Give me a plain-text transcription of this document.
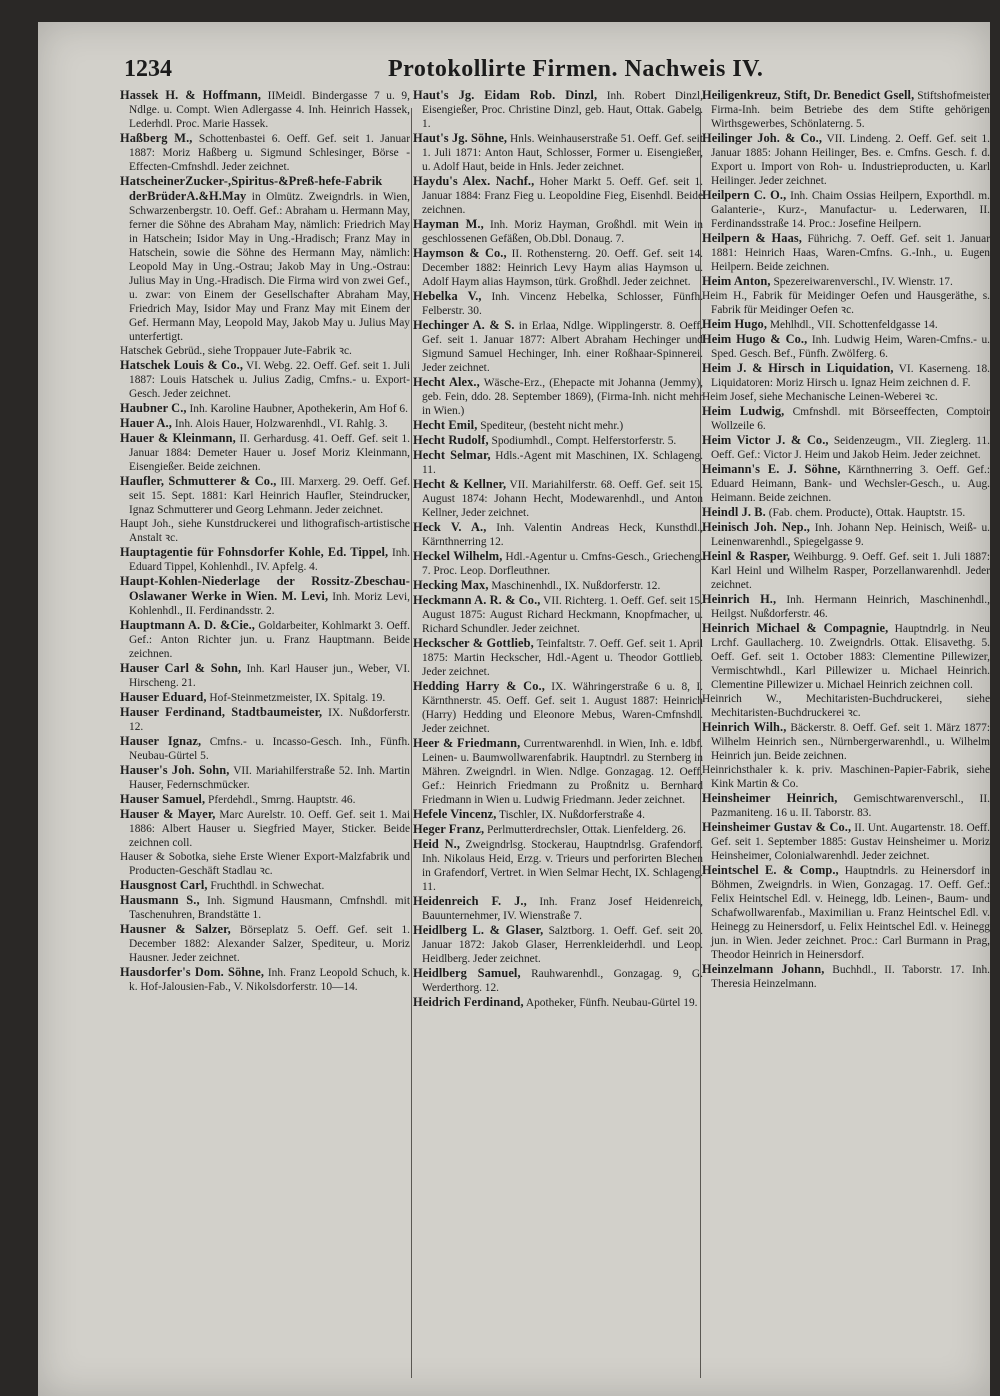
1234	Protokollirte Firmen. Nachweis IV.

Hassek H. & Hoffmann, IIMeidl. Bindergasse 7 u. 9, Ndlge. u. Compt. Wien Adlergasse 4. Inh. Heinrich Hassek, Lederhdl. Proc. Marie Hassek.

Haßberg M., Schottenbastei 6. Oeff. Gef. seit 1. Januar 1887: Moriz Haßberg u. Sigmund Schlesinger, Börse - Effecten-Cmfnshdl. Jeder zeichnet.

HatscheinerZucker-,Spiritus-&Preß-hefe-Fabrik derBrüderA.&H.May in Olmütz. Zweigndrls. in Wien, Schwarzenbergstr. 10. Oeff. Gef.: Abraham u. Hermann May, ferner die Söhne des Abraham May, nämlich: Friedrich May in Hatschein; Isidor May in Ung.-Hradisch; Franz May in Hatschein, sowie die Söhne des Hermann May, nämlich: Leopold May in Ung.-Ostrau; Jakob May in Ung.-Ostrau: Julius May in Ung.-Hradisch. Die Firma wird von zwei Gef., u. zwar: von Einem der Gesellschafter Abraham May, Friedrich May, Isidor May und Franz May mit Einem der Gef. Hermann May, Leopold May, Jakob May u. Julius May unterfertigt.

Hatschek Gebrüd., siehe Troppauer Jute-Fabrik ꝛc.

Hatschek Louis & Co., VI. Webg. 22. Oeff. Gef. seit 1. Juli 1887: Louis Hatschek u. Julius Zadig, Cmfns.- u. Export-Gesch. Jeder zeichnet.

Haubner C., Inh. Karoline Haubner, Apothekerin, Am Hof 6.

Hauer A., Inh. Alois Hauer, Holzwarenhdl., VI. Rahlg. 3.

Hauer & Kleinmann, II. Gerhardusg. 41. Oeff. Gef. seit 1. Januar 1884: Demeter Hauer u. Josef Moriz Kleinmann, Eisengießer. Beide zeichnen.

Haufler, Schmutterer & Co., III. Marxerg. 29. Oeff. Gef. seit 15. Sept. 1881: Karl Heinrich Haufler, Steindrucker, Ignaz Schmutterer und Georg Lehmann. Jeder zeichnet.

Haupt Joh., siehe Kunstdruckerei und lithografisch-artistische Anstalt ꝛc.

Hauptagentie für Fohnsdorfer Kohle, Ed. Tippel, Inh. Eduard Tippel, Kohlenhdl., IV. Apfelg. 4.

Haupt-Kohlen-Niederlage der Rossitz-Zbeschau-Oslawaner Werke in Wien. M. Levi, Inh. Moriz Levi, Kohlenhdl., II. Ferdinandsstr. 2.

Hauptmann A. D. &Cie., Goldarbeiter, Kohlmarkt 3. Oeff. Gef.: Anton Richter jun. u. Franz Hauptmann. Beide zeichnen.

Hauser Carl & Sohn, Inh. Karl Hauser jun., Weber, VI. Hirscheng. 21.

Hauser Eduard, Hof-Steinmetzmeister, IX. Spitalg. 19.

Hauser Ferdinand, Stadtbaumeister, IX. Nußdorferstr. 12.

Hauser Ignaz, Cmfns.- u. Incasso-Gesch. Inh., Fünfh. Neubau-Gürtel 5.

Hauser's Joh. Sohn, VII. Mariahilferstraße 52. Inh. Martin Hauser, Federnschmücker.

Hauser Samuel, Pferdehdl., Smrng. Hauptstr. 46.

Hauser & Mayer, Marc Aurelstr. 10. Oeff. Gef. seit 1. Mai 1886: Albert Hauser u. Siegfried Mayer, Sticker. Beide zeichnen coll.

Hauser & Sobotka, siehe Erste Wiener Export-Malzfabrik und Producten-Geschäft Stadlau ꝛc.

Hausgnost Carl, Fruchthdl. in Schwechat.

Hausmann S., Inh. Sigmund Hausmann, Cmfnshdl. mit Taschenuhren, Brandstätte 1.

Hausner & Salzer, Börseplatz 5. Oeff. Gef. seit 1. December 1882: Alexander Salzer, Spediteur, u. Moriz Hausner. Jeder zeichnet.

Hausdorfer's Dom. Söhne, Inh. Franz Leopold Schuch, k. k. Hof-Jalousien-Fab., V. Nikolsdorferstr. 10—14.

Haut's Jg. Eidam Rob. Dinzl, Inh. Robert Dinzl, Eisengießer, Proc. Christine Dinzl, geb. Haut, Ottak. Gabelg. 1.

Haut's Jg. Söhne, Hnls. Weinhauserstraße 51. Oeff. Gef. seit 1. Juli 1871: Anton Haut, Schlosser, Former u. Eisengießer, u. Adolf Haut, beide in Hnls. Jeder zeichnet.

Haydu's Alex. Nachf., Hoher Markt 5. Oeff. Gef. seit 1. Januar 1884: Franz Fieg u. Leopoldine Fieg, Eisenhdl. Beide zeichnen.

Hayman M., Inh. Moriz Hayman, Großhdl. mit Wein in geschlossenen Gefäßen, Ob.Dbl. Donaug. 7.

Haymson & Co., II. Rothensterng. 20. Oeff. Gef. seit 14. December 1882: Heinrich Levy Haym alias Haymson u. Adolf Haym alias Haymson, türk. Großhdl. Jeder zeichnet.

Hebelka V., Inh. Vincenz Hebelka, Schlosser, Fünfh. Felberstr. 30.

Hechinger A. & S. in Erlaa, Ndlge. Wipplingerstr. 8. Oeff. Gef. seit 1. Januar 1877: Albert Abraham Hechinger und Sigmund Samuel Hechinger, Inh. einer Roßhaar-Spinnerei. Jeder zeichnet.

Hecht Alex., Wäsche-Erz., (Ehepacte mit Johanna (Jemmy), geb. Fein, ddo. 28. September 1869), (Firma-Inh. nicht mehr in Wien.)

Hecht Emil, Spediteur, (besteht nicht mehr.)

Hecht Rudolf, Spodiumhdl., Compt. Helferstorferstr. 5.

Hecht Selmar, Hdls.-Agent mit Maschinen, IX. Schlageng. 11.

Hecht & Kellner, VII. Mariahilferstr. 68. Oeff. Gef. seit 15. August 1874: Johann Hecht, Modewarenhdl., und Anton Kellner, Jeder zeichnet.

Heck V. A., Inh. Valentin Andreas Heck, Kunsthdl., Kärnthnerring 12.

Heckel Wilhelm, Hdl.-Agentur u. Cmfns-Gesch., Griecheng. 7. Proc. Leop. Dorfleuthner.

Hecking Max, Maschinenhdl., IX. Nußdorferstr. 12.

Heckmann A. R. & Co., VII. Richterg. 1. Oeff. Gef. seit 15. August 1875: August Richard Heckmann, Knopfmacher, u. Richard Schundler. Jeder zeichnet.

Heckscher & Gottlieb, Teinfaltstr. 7. Oeff. Gef. seit 1. April 1875: Martin Heckscher, Hdl.-Agent u. Theodor Gottlieb. Jeder zeichnet.

Hedding Harry & Co., IX. Währingerstraße 6 u. 8, I. Kärnthnerstr. 45. Oeff. Gef. seit 1. August 1887: Heinrich (Harry) Hedding und Eleonore Mebus, Waren-Cmfnshdl. Jeder zeichnet.

Heer & Friedmann, Currentwarenhdl. in Wien, Inh. e. ldbf. Leinen- u. Baumwollwarenfabrik. Hauptndrl. zu Sternberg in Mähren. Zweigndrl. in Wien. Ndlge. Gonzagag. 12. Oeff. Gef.: Heinrich Friedmann zu Proßnitz u. Bernhard Friedmann in Wien u. Ludwig Friedmann. Jeder zeichnet.

Hefele Vincenz, Tischler, IX. Nußdorferstraße 4.

Heger Franz, Perlmutterdrechsler, Ottak. Lienfelderg. 26.

Heid N., Zweigndrlsg. Stockerau, Hauptndrlsg. Grafendorf. Inh. Nikolaus Heid, Erzg. v. Trieurs und perforirten Blechen in Grafendorf, Vertret. in Wien Selmar Hecht, IX. Schlageng. 11.

Heidenreich F. J., Inh. Franz Josef Heidenreich, Bauunternehmer, IV. Wienstraße 7.

Heidlberg L. & Glaser, Salztborg. 1. Oeff. Gef. seit 20. Januar 1872: Jakob Glaser, Herrenkleiderhdl. und Leop. Heidlberg. Jeder zeichnet.

Heidlberg Samuel, Rauhwarenhdl., Gonzagag. 9, G. Werderthorg. 12.

Heidrich Ferdinand, Apotheker, Fünfh. Neubau-Gürtel 19.

Heiligenkreuz, Stift, Dr. Benedict Gsell, Stiftshofmeister Firma-Inh. beim Betriebe des dem Stifte gehörigen Wirthsgewerbes, Schönlaterng. 5.

Heilinger Joh. & Co., VII. Lindeng. 2. Oeff. Gef. seit 1. Januar 1885: Johann Heilinger, Bes. e. Cmfns. Gesch. f. d. Export u. Import von Roh- u. Industrieproducten, u. Karl Heilinger. Jeder zeichnet.

Heilpern C. O., Inh. Chaim Ossias Heilpern, Exporthdl. m. Galanterie-, Kurz-, Manufactur- u. Lederwaren, II. Ferdinandsstraße 14. Proc.: Josefine Heilpern.

Heilpern & Haas, Führichg. 7. Oeff. Gef. seit 1. Januar 1881: Heinrich Haas, Waren-Cmfns. G.-Inh., u. Eugen Heilpern. Beide zeichnen.

Heim Anton, Spezereiwarenverschl., IV. Wienstr. 17.

Heim H., Fabrik für Meidinger Oefen und Hausgeräthe, s. Fabrik für Meidinger Oefen ꝛc.

Heim Hugo, Mehlhdl., VII. Schottenfeldgasse 14.

Heim Hugo & Co., Inh. Ludwig Heim, Waren-Cmfns.- u. Sped. Gesch. Bef., Fünfh. Zwölferg. 6.

Heim J. & Hirsch in Liquidation, VI. Kaserneng. 18. Liquidatoren: Moriz Hirsch u. Ignaz Heim zeichnen d. F.

Heim Josef, siehe Mechanische Leinen-Weberei ꝛc.

Heim Ludwig, Cmfnshdl. mit Börseeffecten, Comptoir Wollzeile 6.

Heim Victor J. & Co., Seidenzeugm., VII. Zieglerg. 11. Oeff. Gef.: Victor J. Heim und Jakob Heim. Jeder zeichnet.

Heimann's E. J. Söhne, Kärnthnerring 3. Oeff. Gef.: Eduard Heimann, Bank- und Wechsler-Gesch., u. Aug. Heimann. Beide zeichnen.

Heindl J. B. (Fab. chem. Producte), Ottak. Hauptstr. 15.

Heinisch Joh. Nep., Inh. Johann Nep. Heinisch, Weiß- u. Leinenwarenhdl., Spiegelgasse 9.

Heinl & Rasper, Weihburgg. 9. Oeff. Gef. seit 1. Juli 1887: Karl Heinl und Wilhelm Rasper, Porzellanwarenhdl. Jeder zeichnet.

Heinrich H., Inh. Hermann Heinrich, Maschinenhdl., Heilgst. Nußdorferstr. 46.

Heinrich Michael & Compagnie, Hauptndrlg. in Neu Lrchf. Gaullacherg. 10. Zweigndrls. Ottak. Elisavethg. 5. Oeff. Gef. seit 1. October 1883: Clementine Pillewizer, Vermischtwhdl., Karl Pillewizer u. Michael Heinrich. Clementine Pillewizer u. Michael Heinrich zeichnen coll.

Heinrich W., Mechitaristen-Buchdruckerei, siehe Mechitaristen-Buchdruckerei ꝛc.

Heinrich Wilh., Bäckerstr. 8. Oeff. Gef. seit 1. März 1877: Wilhelm Heinrich sen., Nürnbergerwarenhdl., u. Wilhelm Heinrich jun. Beide zeichnen.

Heinrichsthaler k. k. priv. Maschinen-Papier-Fabrik, siehe Kink Martin & Co.

Heinsheimer Heinrich, Gemischtwarenverschl., II. Pazmaniteng. 16 u. II. Taborstr. 83.

Heinsheimer Gustav & Co., II. Unt. Augartenstr. 18. Oeff. Gef. seit 1. September 1885: Gustav Heinsheimer u. Moriz Heinsheimer, Colonialwarenhdl. Jeder zeichnet.

Heintschel E. & Comp., Hauptndrls. zu Heinersdorf in Böhmen, Zweigndrls. in Wien, Gonzagag. 17. Oeff. Gef.: Felix Heintschel Edl. v. Heinegg, ldb. Leinen-, Baum- und Schafwollwarenfab., Maximilian u. Franz Heintschel Edl. v. Heinegg zu Heinersdorf, u. Felix Heintschel Edl. v. Heinegg jun. in Wien. Jeder zeichnet. Proc.: Carl Burmann in Prag, Theodor Heinrich in Heinersdorf.

Heinzelmann Johann, Buchhdl., II. Taborstr. 17. Inh. Theresia Heinzelmann.
